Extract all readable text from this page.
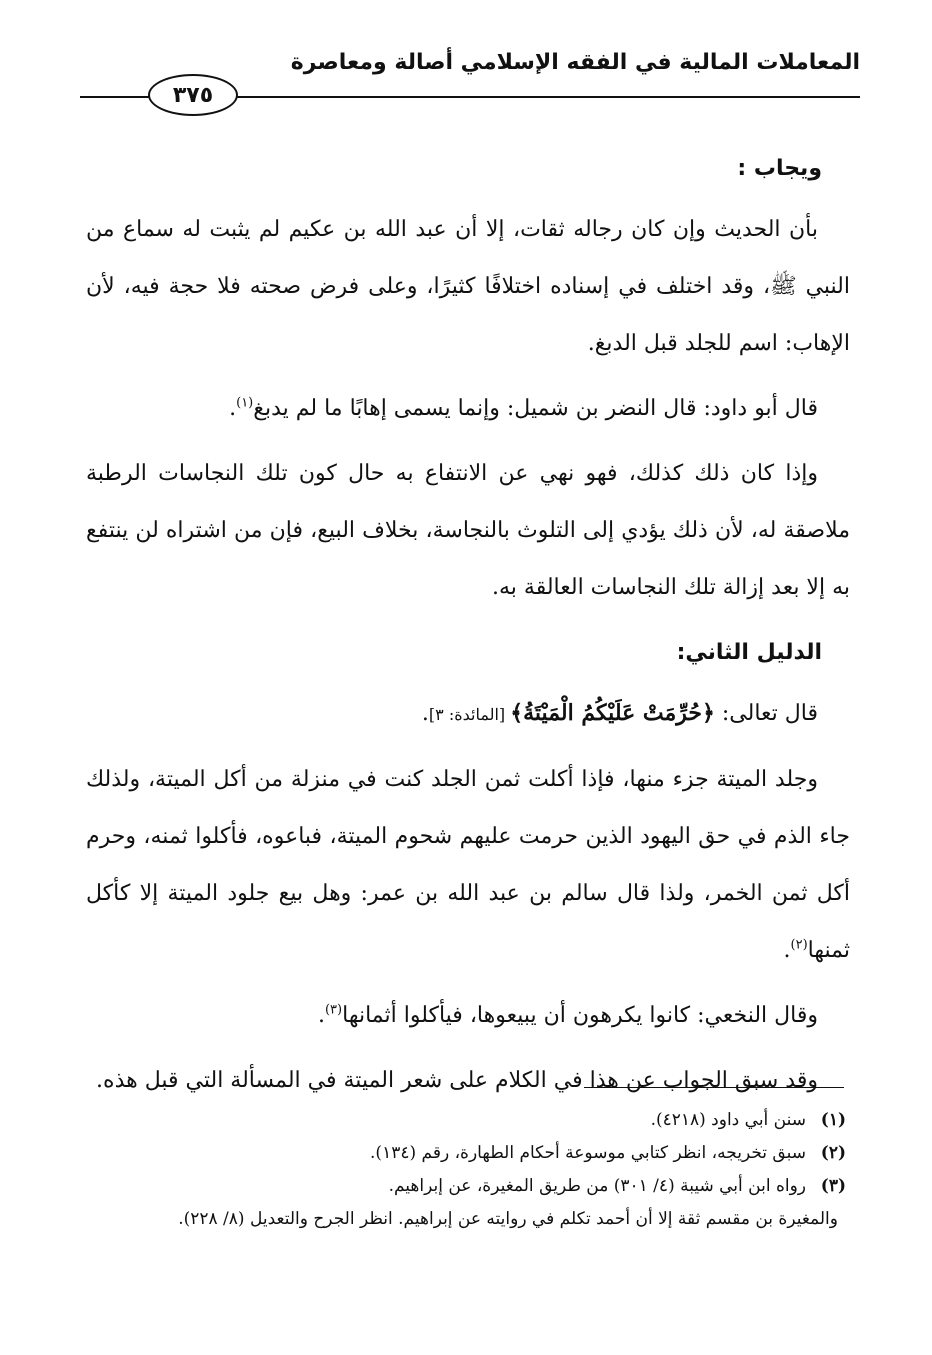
المعاملات المالية في الفقه الإسلامي أصالة ومعاصرة
٣٧٥

ويجاب :

بأن الحديث وإن كان رجاله ثقات، إلا أن عبد الله بن عكيم لم يثبت له سماع من النبي ﷺ، وقد اختلف في إسناده اختلافًا كثيرًا، وعلى فرض صحته فلا حجة فيه، لأن الإهاب: اسم للجلد قبل الدبغ.

قال أبو داود: قال النضر بن شميل: وإنما يسمى إهابًا ما لم يدبغ$^{(١)}$.

وإذا كان ذلك كذلك، فهو نهي عن الانتفاع به حال كون تلك النجاسات الرطبة ملاصقة له، لأن ذلك يؤدي إلى التلوث بالنجاسة، بخلاف البيع، فإن من اشتراه لن ينتفع به إلا بعد إزالة تلك النجاسات العالقة به.

الدليل الثاني:

قال تعالى: ﴿حُرِّمَتْ عَلَيْكُمُ الْمَيْتَةُ﴾ [المائدة: ٣].

وجلد الميتة جزء منها، فإذا أكلت ثمن الجلد كنت في منزلة من أكل الميتة، ولذلك جاء الذم في حق اليهود الذين حرمت عليهم شحوم الميتة، فباعوه، فأكلوا ثمنه، وحرم أكل ثمن الخمر، ولذا قال سالم بن عبد الله بن عمر: وهل بيع جلود الميتة إلا كأكل ثمنها$^{(٢)}$.

وقال النخعي: كانوا يكرهون أن يبيعوها، فيأكلوا أثمانها$^{(٣)}$.

وقد سبق الجواب عن هذا في الكلام على شعر الميتة في المسألة التي قبل هذه.

(١)
سنن أبي داود (٤٢١٨).
(٢)
سبق تخريجه، انظر كتابي موسوعة أحكام الطهارة، رقم (١٣٤).
(٣)
رواه ابن أبي شيبة (٤/ ٣٠١) من طريق المغيرة، عن إبراهيم.
والمغيرة بن مقسم ثقة إلا أن أحمد تكلم في روايته عن إبراهيم. انظر الجرح والتعديل (٨/ ٢٢٨).
